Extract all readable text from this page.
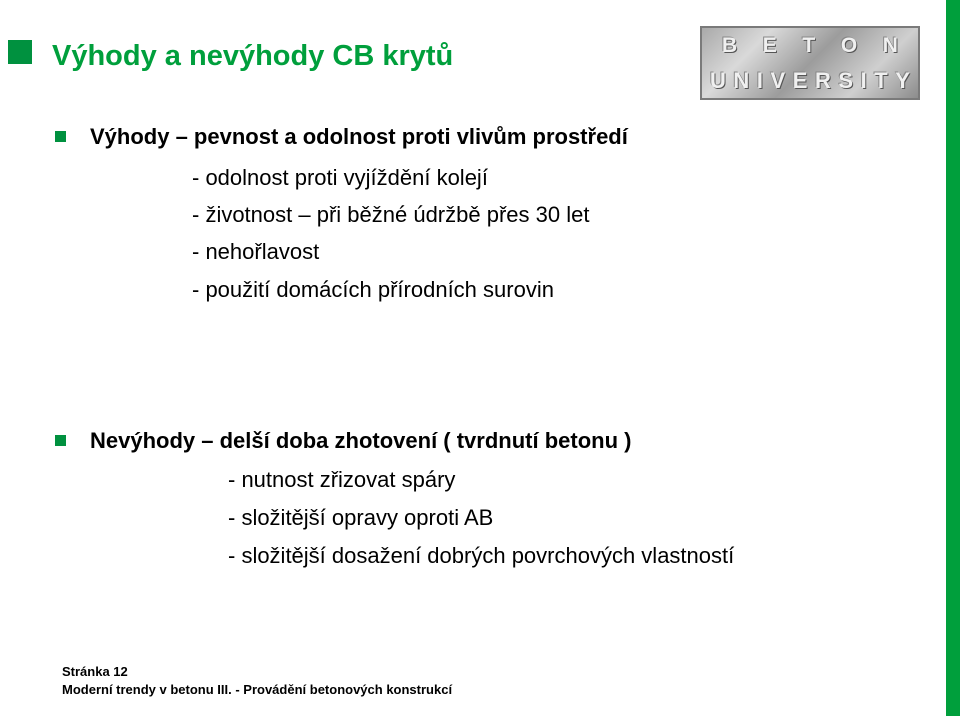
Výhody a nevýhody CB krytů	B E T O N
U N I V E R S I T Y

Výhody – pevnost a odolnost proti vlivům prostředí

- odolnost proti vyjíždění kolejí

- životnost – při běžné údržbě přes 30 let

- nehořlavost

- použití domácích přírodních surovin

Nevýhody – delší doba zhotovení ( tvrdnutí betonu )

- nutnost zřizovat spáry

- složitější opravy oproti AB

- složitější dosažení dobrých povrchových vlastností

Stránka 12

Moderní trendy v betonu III. - Provádění betonových konstrukcí
